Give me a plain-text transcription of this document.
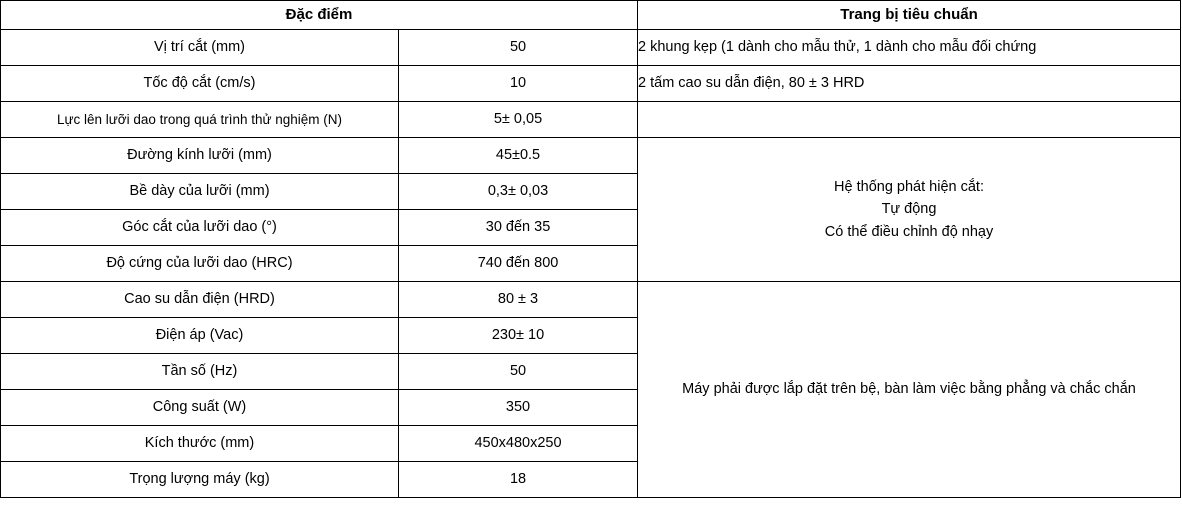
Đặc điểm		Trang bị tiêu chuẩn
Vị trí cắt (mm)	50	2 khung kẹp (1 dành cho mẫu thử, 1 dành cho mẫu đối chứng
Tốc độ cắt (cm/s)	10	2 tấm cao su dẫn điện, 80 ± 3 HRD
Lực lên lưỡi dao trong quá trình thử nghiệm (N)	5± 0,05	
Đường kính lưỡi (mm)	45±0.5	Hệ thống phát hiện cắt:
Tự động
Có thể điều chỉnh độ nhạy

Bề dày của lưỡi (mm)	0,3± 0,03	
Góc cắt của lưỡi dao (°)	30 đến 35	
Độ cứng của lưỡi dao (HRC)	740 đến 800	
Cao su dẫn điện (HRD)	80 ± 3	Máy phải được lắp đặt trên bệ, bàn làm việc bằng phẳng và chắc chắn
Điện áp (Vac)	230± 10	
Tần số (Hz)	50	
Công suất (W)	350	
Kích thước (mm)	450x480x250	
Trọng lượng máy (kg)	18	
